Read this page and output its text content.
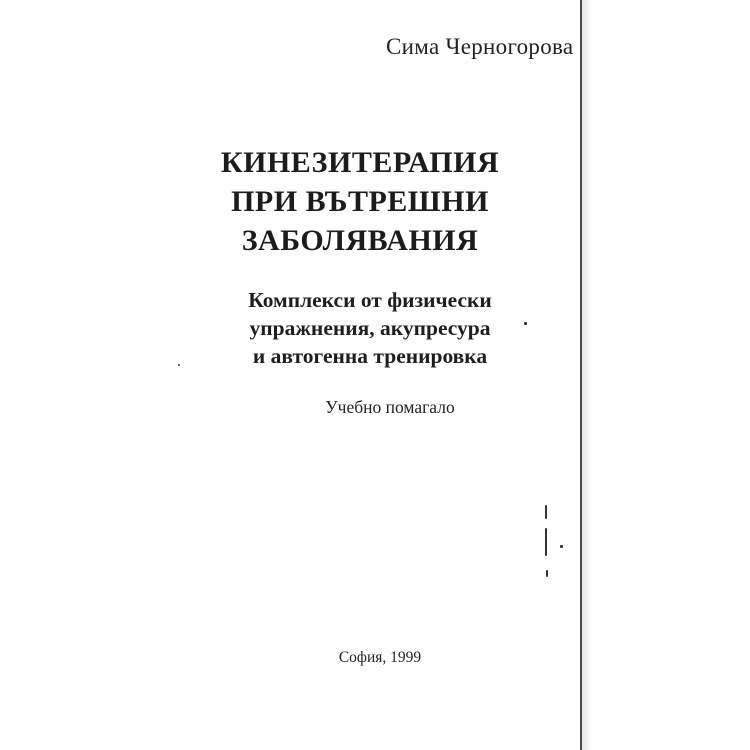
Сима Черногорова
КИНЕЗИТЕРАПИЯ
ПРИ ВЪТРЕШНИ
ЗАБОЛЯВАНИЯ
Комплекси от физически
упражнения, акупресура
и автогенна тренировка
Учебно помагало
София, 1999
